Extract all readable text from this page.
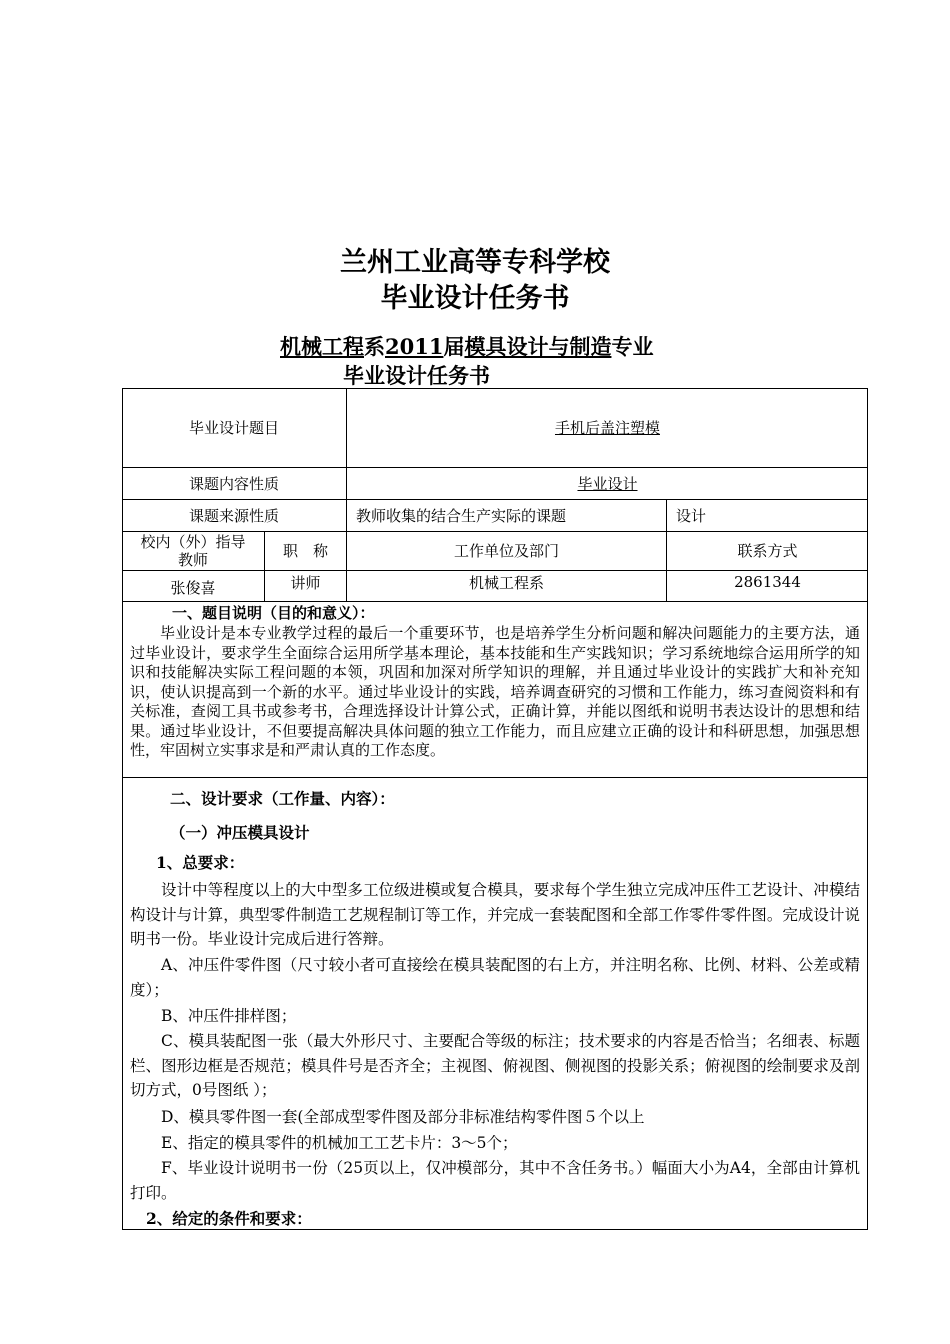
兰州工业高等专科学校
毕业设计任务书
机械工程系2011届模具设计与制造专业
毕业设计任务书
毕业设计题目	手机后盖注塑模
课题内容性质	毕业设计
课题来源性质	教师收集的结合生产实际的课题	设计
校内（外）指导
教师	职　称	工作单位及部门	联系方式
张俊喜	讲师	机械工程系	2861344
一、题目说明（目的和意义）：
毕业设计是本专业教学过程的最后一个重要环节，也是培养学生分析问题和解决问题能力的主要方法，通过毕业设计，要求学生全面综合运用所学基本理论，基本技能和生产实践知识；学习系统地综合运用所学的知识和技能解决实际工程问题的本领，巩固和加深对所学知识的理解，并且通过毕业设计的实践扩大和补充知识，使认识提高到一个新的水平。通过毕业设计的实践，培养调查研究的习惯和工作能力，练习查阅资料和有关标准，查阅工具书或参考书，合理选择设计计算公式，正确计算，并能以图纸和说明书表达设计的思想和结果。通过毕业设计，不但要提高解决具体问题的独立工作能力，而且应建立正确的设计和科研思想，加强思想性，牢固树立实事求是和严肃认真的工作态度。
二、设计要求（工作量、内容）：
（一）冲压模具设计
1、总要求：
设计中等程度以上的大中型多工位级进模或复合模具，要求每个学生独立完成冲压件工艺设计、冲模结构设计与计算，典型零件制造工艺规程制订等工作，并完成一套装配图和全部工作零件零件图。完成设计说明书一份。毕业设计完成后进行答辩。
A、冲压件零件图（尺寸较小者可直接绘在模具装配图的右上方，并注明名称、比例、材料、公差或精度）；
B、冲压件排样图；
C、模具装配图一张（最大外形尺寸、主要配合等级的标注；技术要求的内容是否恰当；名细表、标题栏、图形边框是否规范；模具件号是否齐全；主视图、俯视图、侧视图的投影关系；俯视图的绘制要求及剖切方式，0号图纸 ）；
D、模具零件图一套(全部成型零件图及部分非标准结构零件图５个以上
E、指定的模具零件的机械加工工艺卡片：3～5个；
F、毕业设计说明书一份（25页以上，仅冲模部分，其中不含任务书。）幅面大小为A4，全部由计算机打印。
2、给定的条件和要求：
